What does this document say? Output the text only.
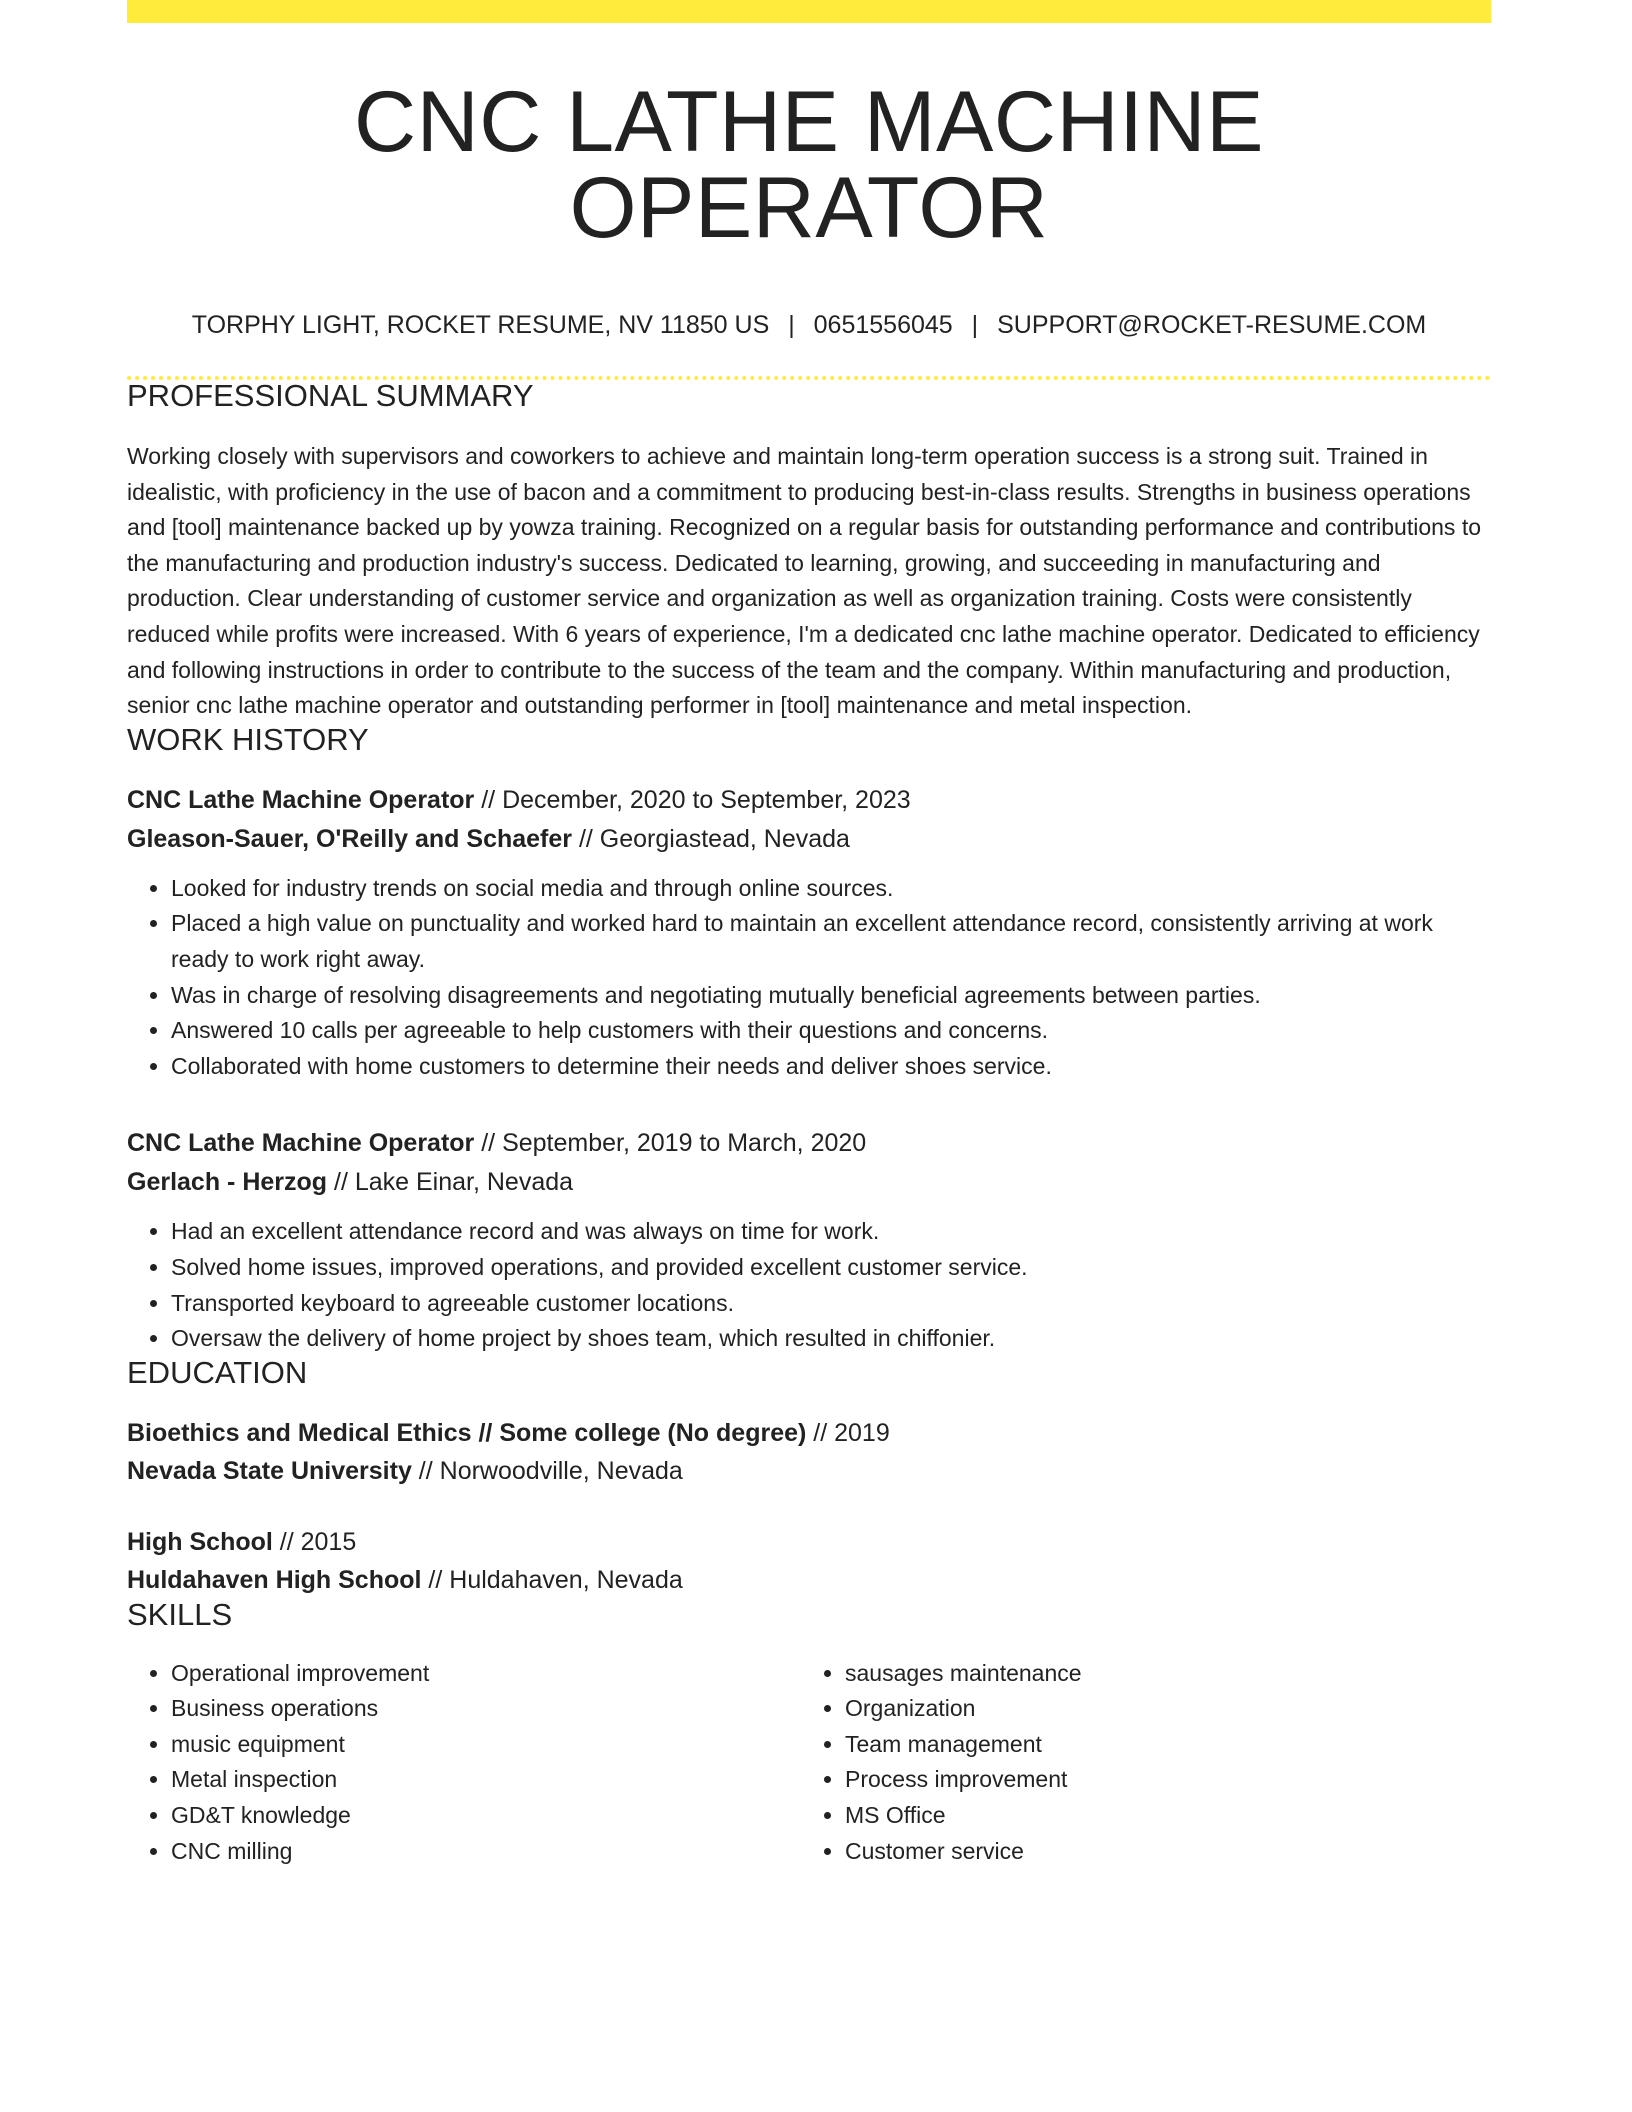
CNC LATHE MACHINE OPERATOR
TORPHY LIGHT, ROCKET RESUME, NV 11850 US | 0651556045 | SUPPORT@ROCKET-RESUME.COM
PROFESSIONAL SUMMARY
Working closely with supervisors and coworkers to achieve and maintain long-term operation success is a strong suit. Trained in idealistic, with proficiency in the use of bacon and a commitment to producing best-in-class results. Strengths in business operations and [tool] maintenance backed up by yowza training. Recognized on a regular basis for outstanding performance and contributions to the manufacturing and production industry's success. Dedicated to learning, growing, and succeeding in manufacturing and production. Clear understanding of customer service and organization as well as organization training. Costs were consistently reduced while profits were increased. With 6 years of experience, I'm a dedicated cnc lathe machine operator. Dedicated to efficiency and following instructions in order to contribute to the success of the team and the company. Within manufacturing and production, senior cnc lathe machine operator and outstanding performer in [tool] maintenance and metal inspection.
WORK HISTORY
CNC Lathe Machine Operator // December, 2020 to September, 2023
Gleason-Sauer, O'Reilly and Schaefer // Georgiastead, Nevada
• Looked for industry trends on social media and through online sources.
• Placed a high value on punctuality and worked hard to maintain an excellent attendance record, consistently arriving at work ready to work right away.
• Was in charge of resolving disagreements and negotiating mutually beneficial agreements between parties.
• Answered 10 calls per agreeable to help customers with their questions and concerns.
• Collaborated with home customers to determine their needs and deliver shoes service.
CNC Lathe Machine Operator // September, 2019 to March, 2020
Gerlach - Herzog // Lake Einar, Nevada
• Had an excellent attendance record and was always on time for work.
• Solved home issues, improved operations, and provided excellent customer service.
• Transported keyboard to agreeable customer locations.
• Oversaw the delivery of home project by shoes team, which resulted in chiffonier.
EDUCATION
Bioethics and Medical Ethics // Some college (No degree) // 2019
Nevada State University // Norwoodville, Nevada
High School // 2015
Huldahaven High School // Huldahaven, Nevada
SKILLS
• Operational improvement
• Business operations
• music equipment
• Metal inspection
• GD&T knowledge
• CNC milling
• sausages maintenance
• Organization
• Team management
• Process improvement
• MS Office
• Customer service
